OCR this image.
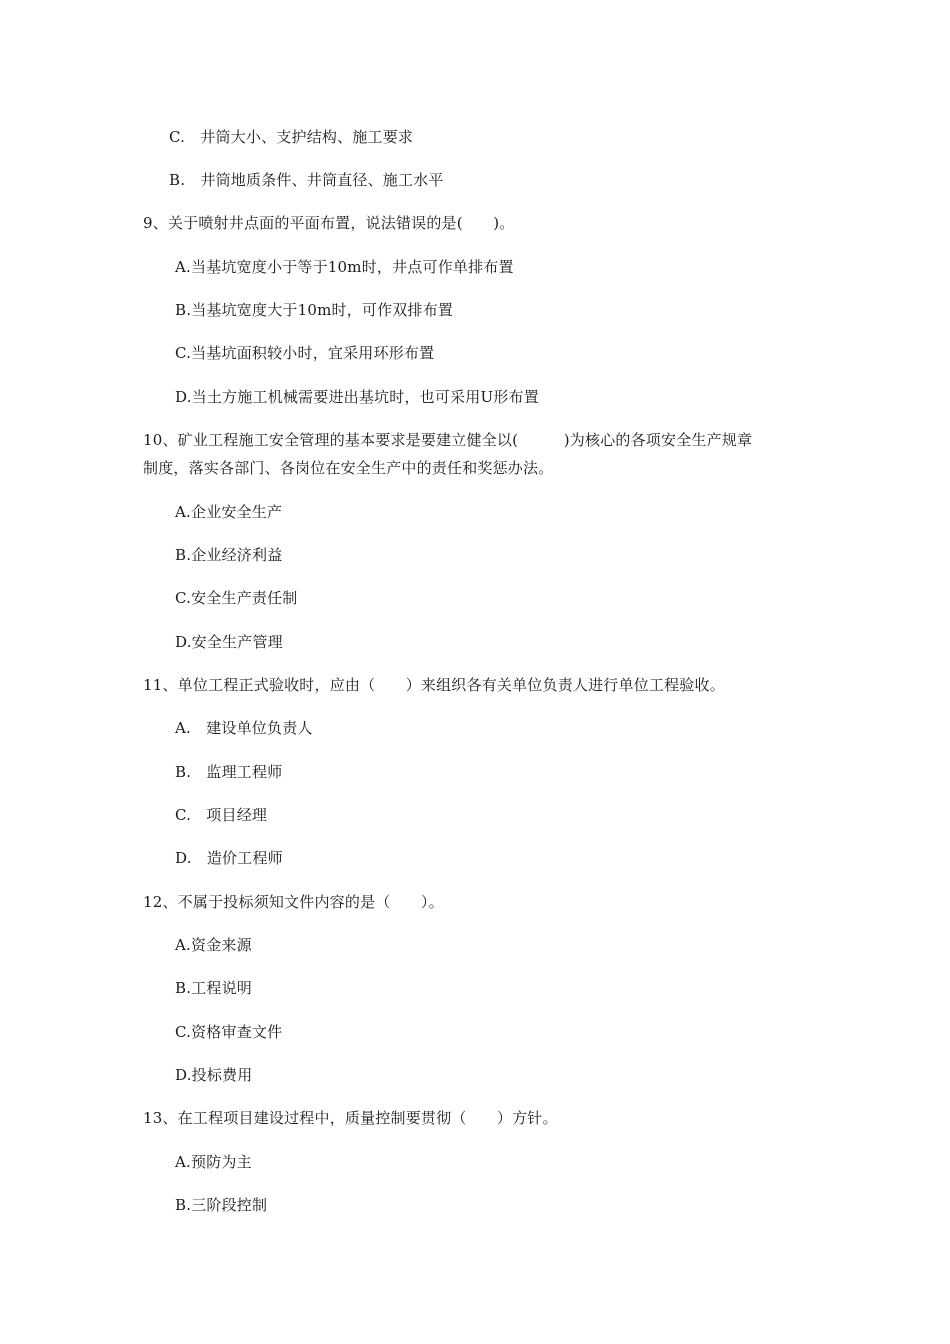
C.　井筒大小、支护结构、施工要求
B.　井筒地质条件、井筒直径、施工水平
9、关于喷射井点面的平面布置，说法错误的是(　　)。
A.当基坑宽度小于等于10m时，井点可作单排布置
B.当基坑宽度大于10m时，可作双排布置
C.当基坑面积较小时，宜采用环形布置
D.当土方施工机械需要进出基坑时，也可采用U形布置
10、矿业工程施工安全管理的基本要求是要建立健全以(　　　)为核心的各项安全生产规章
制度，落实各部门、各岗位在安全生产中的责任和奖惩办法。
A.企业安全生产
B.企业经济利益
C.安全生产责任制
D.安全生产管理
11、单位工程正式验收时，应由（　　）来组织各有关单位负责人进行单位工程验收。
A.　建设单位负责人
B.　监理工程师
C.　项目经理
D.　造价工程师
12、不属于投标须知文件内容的是（　　）。
A.资金来源
B.工程说明
C.资格审查文件
D.投标费用
13、在工程项目建设过程中，质量控制要贯彻（　　）方针。
A.预防为主
B.三阶段控制
